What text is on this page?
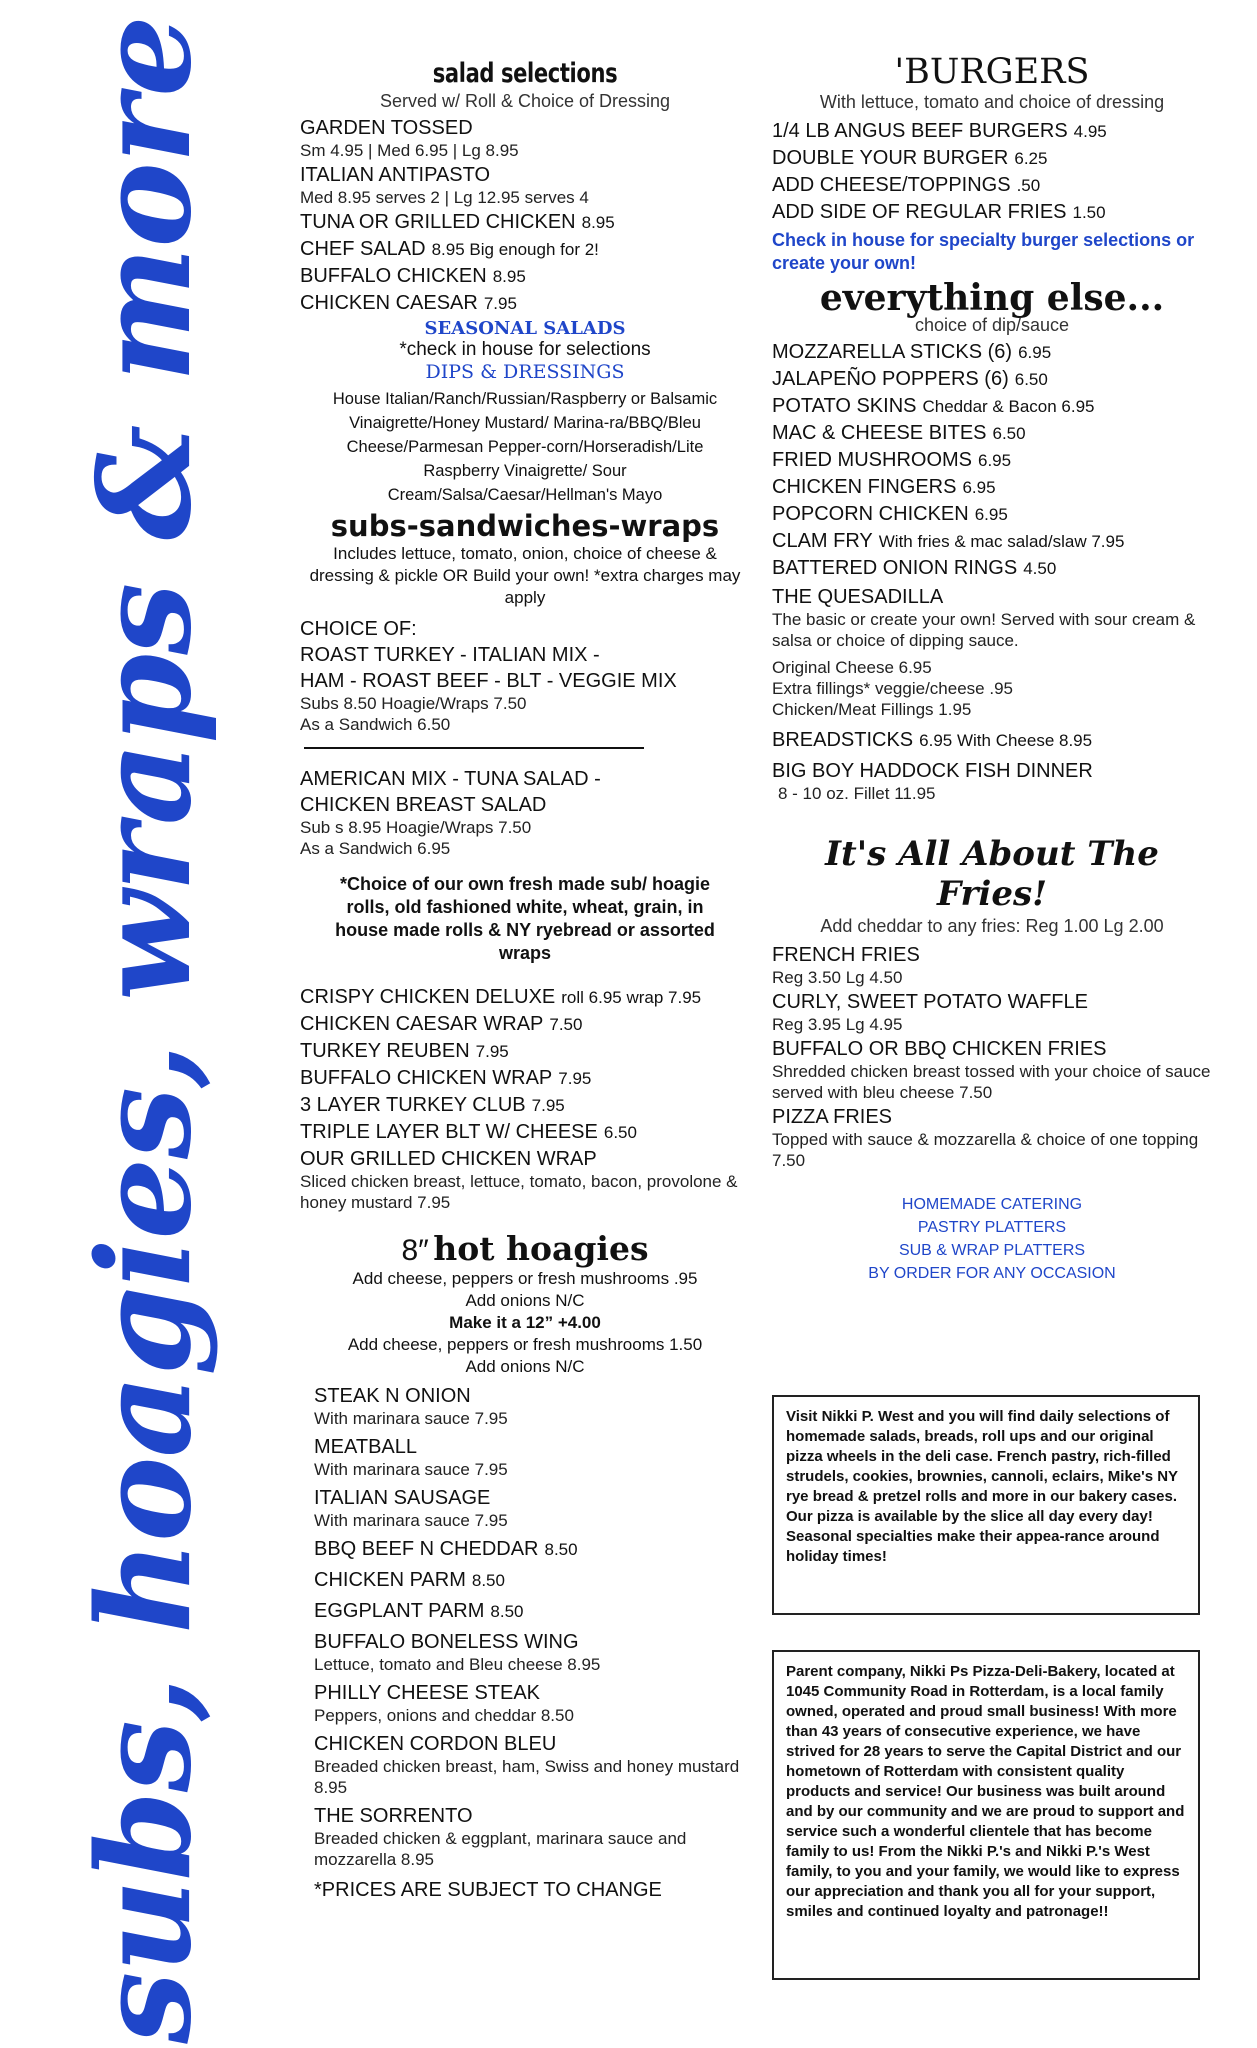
subs, hoagies, wraps & more	salad selections
Served w/ Roll & Choice of Dressing
GARDEN TOSSED
Sm 4.95 | Med 6.95 | Lg 8.95
ITALIAN ANTIPASTO
Med 8.95 serves 2 | Lg 12.95 serves 4
TUNA OR GRILLED CHICKEN 8.95
CHEF SALAD 8.95 Big enough for 2!
BUFFALO CHICKEN 8.95
CHICKEN CAESAR 7.95
SEASONAL SALADS
*check in house for selections
DIPS & DRESSINGS
House Italian/Ranch/Russian/Raspberry or Balsamic Vinaigrette/Honey Mustard/ Marina-ra/BBQ/Bleu Cheese/Parmesan Pepper-corn/Horseradish/Lite Raspberry Vinaigrette/ Sour Cream/Salsa/Caesar/Hellman's Mayo
subs-sandwiches-wraps
Includes lettuce, tomato, onion, choice of cheese & dressing & pickle OR Build your own! *extra charges may apply
CHOICE OF:
ROAST TURKEY - ITALIAN MIX -
HAM - ROAST BEEF - BLT - VEGGIE MIX
Subs 8.50 Hoagie/Wraps 7.50
As a Sandwich 6.50
AMERICAN MIX - TUNA SALAD -
CHICKEN BREAST SALAD
Sub s 8.95 Hoagie/Wraps 7.50
As a Sandwich 6.95
*Choice of our own fresh made sub/ hoagie rolls, old fashioned white, wheat, grain, in house made rolls & NY ryebread or assorted wraps
CRISPY CHICKEN DELUXE roll 6.95 wrap 7.95
CHICKEN CAESAR WRAP 7.50
TURKEY REUBEN 7.95
BUFFALO CHICKEN WRAP 7.95
3 LAYER TURKEY CLUB 7.95
TRIPLE LAYER BLT W/ CHEESE 6.50
OUR GRILLED CHICKEN WRAP
Sliced chicken breast, lettuce, tomato, bacon, provolone & honey mustard 7.95
8″ hot hoagies
Add cheese, peppers or fresh mushrooms .95
Add onions N/C
Make it a 12” +4.00
Add cheese, peppers or fresh mushrooms 1.50
Add onions N/C
STEAK N ONION
With marinara sauce 7.95
MEATBALL
With marinara sauce 7.95
ITALIAN SAUSAGE
With marinara sauce 7.95
BBQ BEEF N CHEDDAR 8.50
CHICKEN PARM 8.50
EGGPLANT PARM 8.50
BUFFALO BONELESS WING
Lettuce, tomato and Bleu cheese 8.95
PHILLY CHEESE STEAK
Peppers, onions and cheddar 8.50
CHICKEN CORDON BLEU
Breaded chicken breast, ham, Swiss and honey mustard 8.95
THE SORRENTO
Breaded chicken & eggplant, marinara sauce and mozzarella 8.95
*PRICES ARE SUBJECT TO CHANGE
'BURGERS
With lettuce, tomato and choice of dressing
1/4 LB ANGUS BEEF BURGERS 4.95
DOUBLE YOUR BURGER 6.25
ADD CHEESE/TOPPINGS .50
ADD SIDE OF REGULAR FRIES 1.50
Check in house for specialty burger selections or create your own!
everything else...
choice of dip/sauce
MOZZARELLA STICKS (6) 6.95
JALAPEÑO POPPERS (6) 6.50
POTATO SKINS Cheddar & Bacon 6.95
MAC & CHEESE BITES 6.50
FRIED MUSHROOMS 6.95
CHICKEN FINGERS 6.95
POPCORN CHICKEN 6.95
CLAM FRY With fries & mac salad/slaw 7.95
BATTERED ONION RINGS 4.50
THE QUESADILLA
The basic or create your own! Served with sour cream & salsa or choice of dipping sauce.
Original Cheese 6.95
Extra fillings* veggie/cheese .95
Chicken/Meat Fillings 1.95
BREADSTICKS 6.95 With Cheese 8.95
BIG BOY HADDOCK FISH DINNER
8 - 10 oz. Fillet 11.95
It's All About The Fries!
Add cheddar to any fries: Reg 1.00 Lg 2.00
FRENCH FRIES
Reg 3.50 Lg 4.50
CURLY, SWEET POTATO WAFFLE
Reg 3.95 Lg 4.95
BUFFALO OR BBQ CHICKEN FRIES
Shredded chicken breast tossed with your choice of sauce served with bleu cheese 7.50
PIZZA FRIES
Topped with sauce & mozzarella & choice of one topping 7.50
HOMEMADE CATERING
PASTRY PLATTERS
SUB & WRAP PLATTERS
BY ORDER FOR ANY OCCASION
Visit Nikki P. West and you will find daily selections of homemade salads, breads, roll ups and our original pizza wheels in the deli case. French pastry, rich-filled strudels, cookies, brownies, cannoli, eclairs, Mike's NY rye bread & pretzel rolls and more in our bakery cases. Our pizza is available by the slice all day every day! Seasonal specialties make their appea-rance around holiday times!
Parent company, Nikki Ps Pizza-Deli-Bakery, located at 1045 Community Road in Rotterdam, is a local family owned, operated and proud small business! With more than 43 years of consecutive experience, we have strived for 28 years to serve the Capital District and our hometown of Rotterdam with consistent quality products and service! Our business was built around and by our community and we are proud to support and service such a wonderful clientele that has become family to us! From the Nikki P.'s and Nikki P.'s West family, to you and your family, we would like to express our appreciation and thank you all for your support, smiles and continued loyalty and patronage!!
